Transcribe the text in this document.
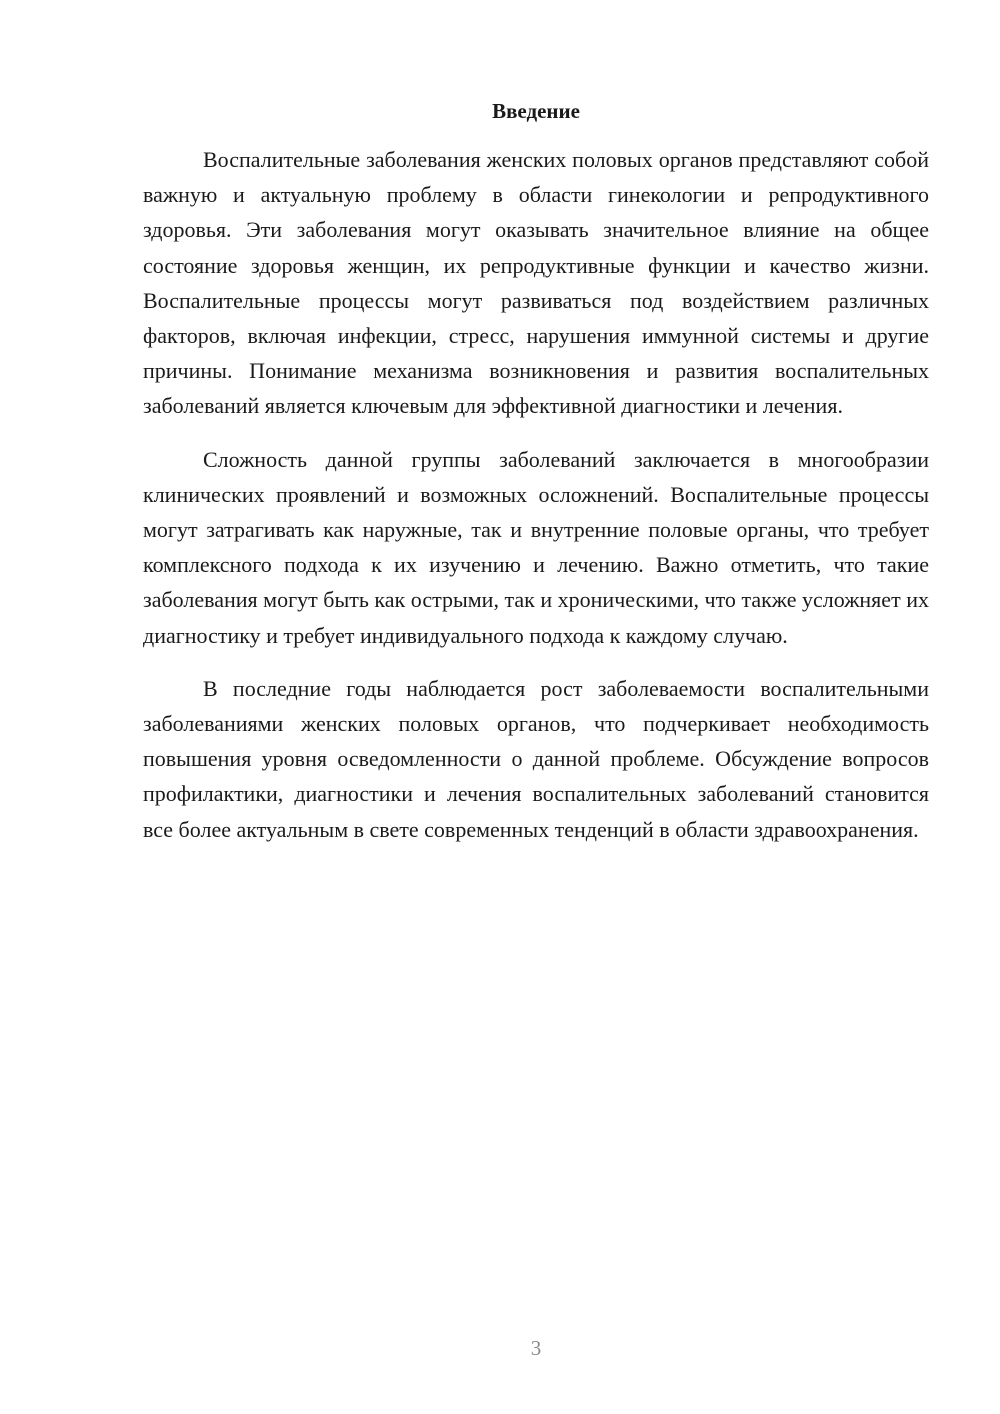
Введение

Воспалительные заболевания женских половых органов представляют собой важную и актуальную проблему в области гинекологии и репродуктивного здоровья. Эти заболевания могут оказывать значительное влияние на общее состояние здоровья женщин, их репродуктивные функции и качество жизни. Воспалительные процессы могут развиваться под воздействием различных факторов, включая инфекции, стресс, нарушения иммунной системы и другие причины. Понимание механизма возникновения и развития воспалительных заболеваний является ключевым для эффективной диагностики и лечения.

Сложность данной группы заболеваний заключается в многообразии клинических проявлений и возможных осложнений. Воспалительные процессы могут затрагивать как наружные, так и внутренние половые органы, что требует комплексного подхода к их изучению и лечению. Важно отметить, что такие заболевания могут быть как острыми, так и хроническими, что также усложняет их диагностику и требует индивидуального подхода к каждому случаю.

В последние годы наблюдается рост заболеваемости воспалительными заболеваниями женских половых органов, что подчеркивает необходимость повышения уровня осведомленности о данной проблеме. Обсуждение вопросов профилактики, диагностики и лечения воспалительных заболеваний становится все более актуальным в свете современных тенденций в области здравоохранения.

3
